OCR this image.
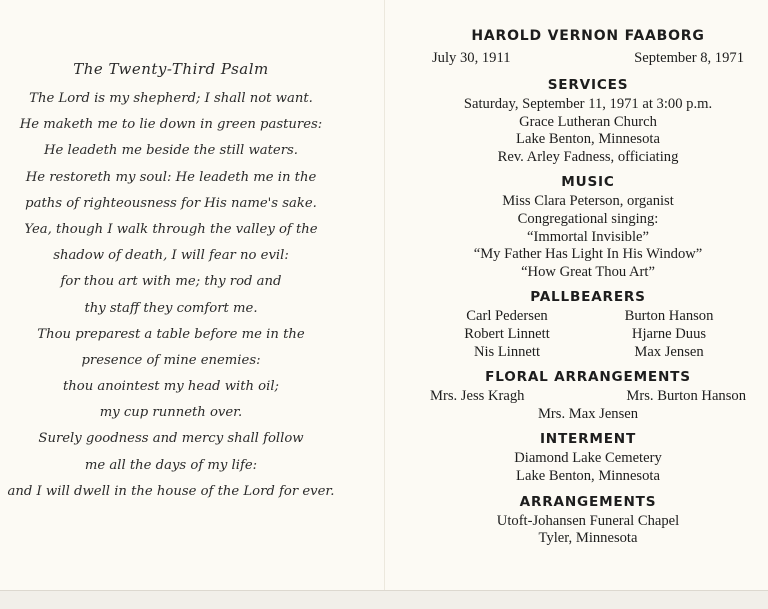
The Twenty-Third Psalm
The Lord is my shepherd; I shall not want.
He maketh me to lie down in green pastures:
He leadeth me beside the still waters.
He restoreth my soul: He leadeth me in the
paths of righteousness for His name's sake.
Yea, though I walk through the valley of the
shadow of death, I will fear no evil:
for thou art with me; thy rod and
thy staff they comfort me.
Thou preparest a table before me in the
presence of mine enemies:
thou anointest my head with oil;
my cup runneth over.
Surely goodness and mercy shall follow
me all the days of my life:
and I will dwell in the house of the Lord for ever.
HAROLD VERNON FAABORG
July 30, 1911	September 8, 1971
SERVICES
Saturday, September 11, 1971 at 3:00 p.m.
Grace Lutheran Church
Lake Benton, Minnesota
Rev. Arley Fadness, officiating
MUSIC
Miss Clara Peterson, organist
Congregational singing:
“Immortal Invisible”
“My Father Has Light In His Window”
“How Great Thou Art”
PALLBEARERS
Carl Pedersen	Burton Hanson
Robert Linnett	Hjarne Duus
Nis Linnett	Max Jensen
FLORAL ARRANGEMENTS
Mrs. Jess Kragh	Mrs. Burton Hanson
Mrs. Max Jensen
INTERMENT
Diamond Lake Cemetery
Lake Benton, Minnesota
ARRANGEMENTS
Utoft-Johansen Funeral Chapel
Tyler, Minnesota
